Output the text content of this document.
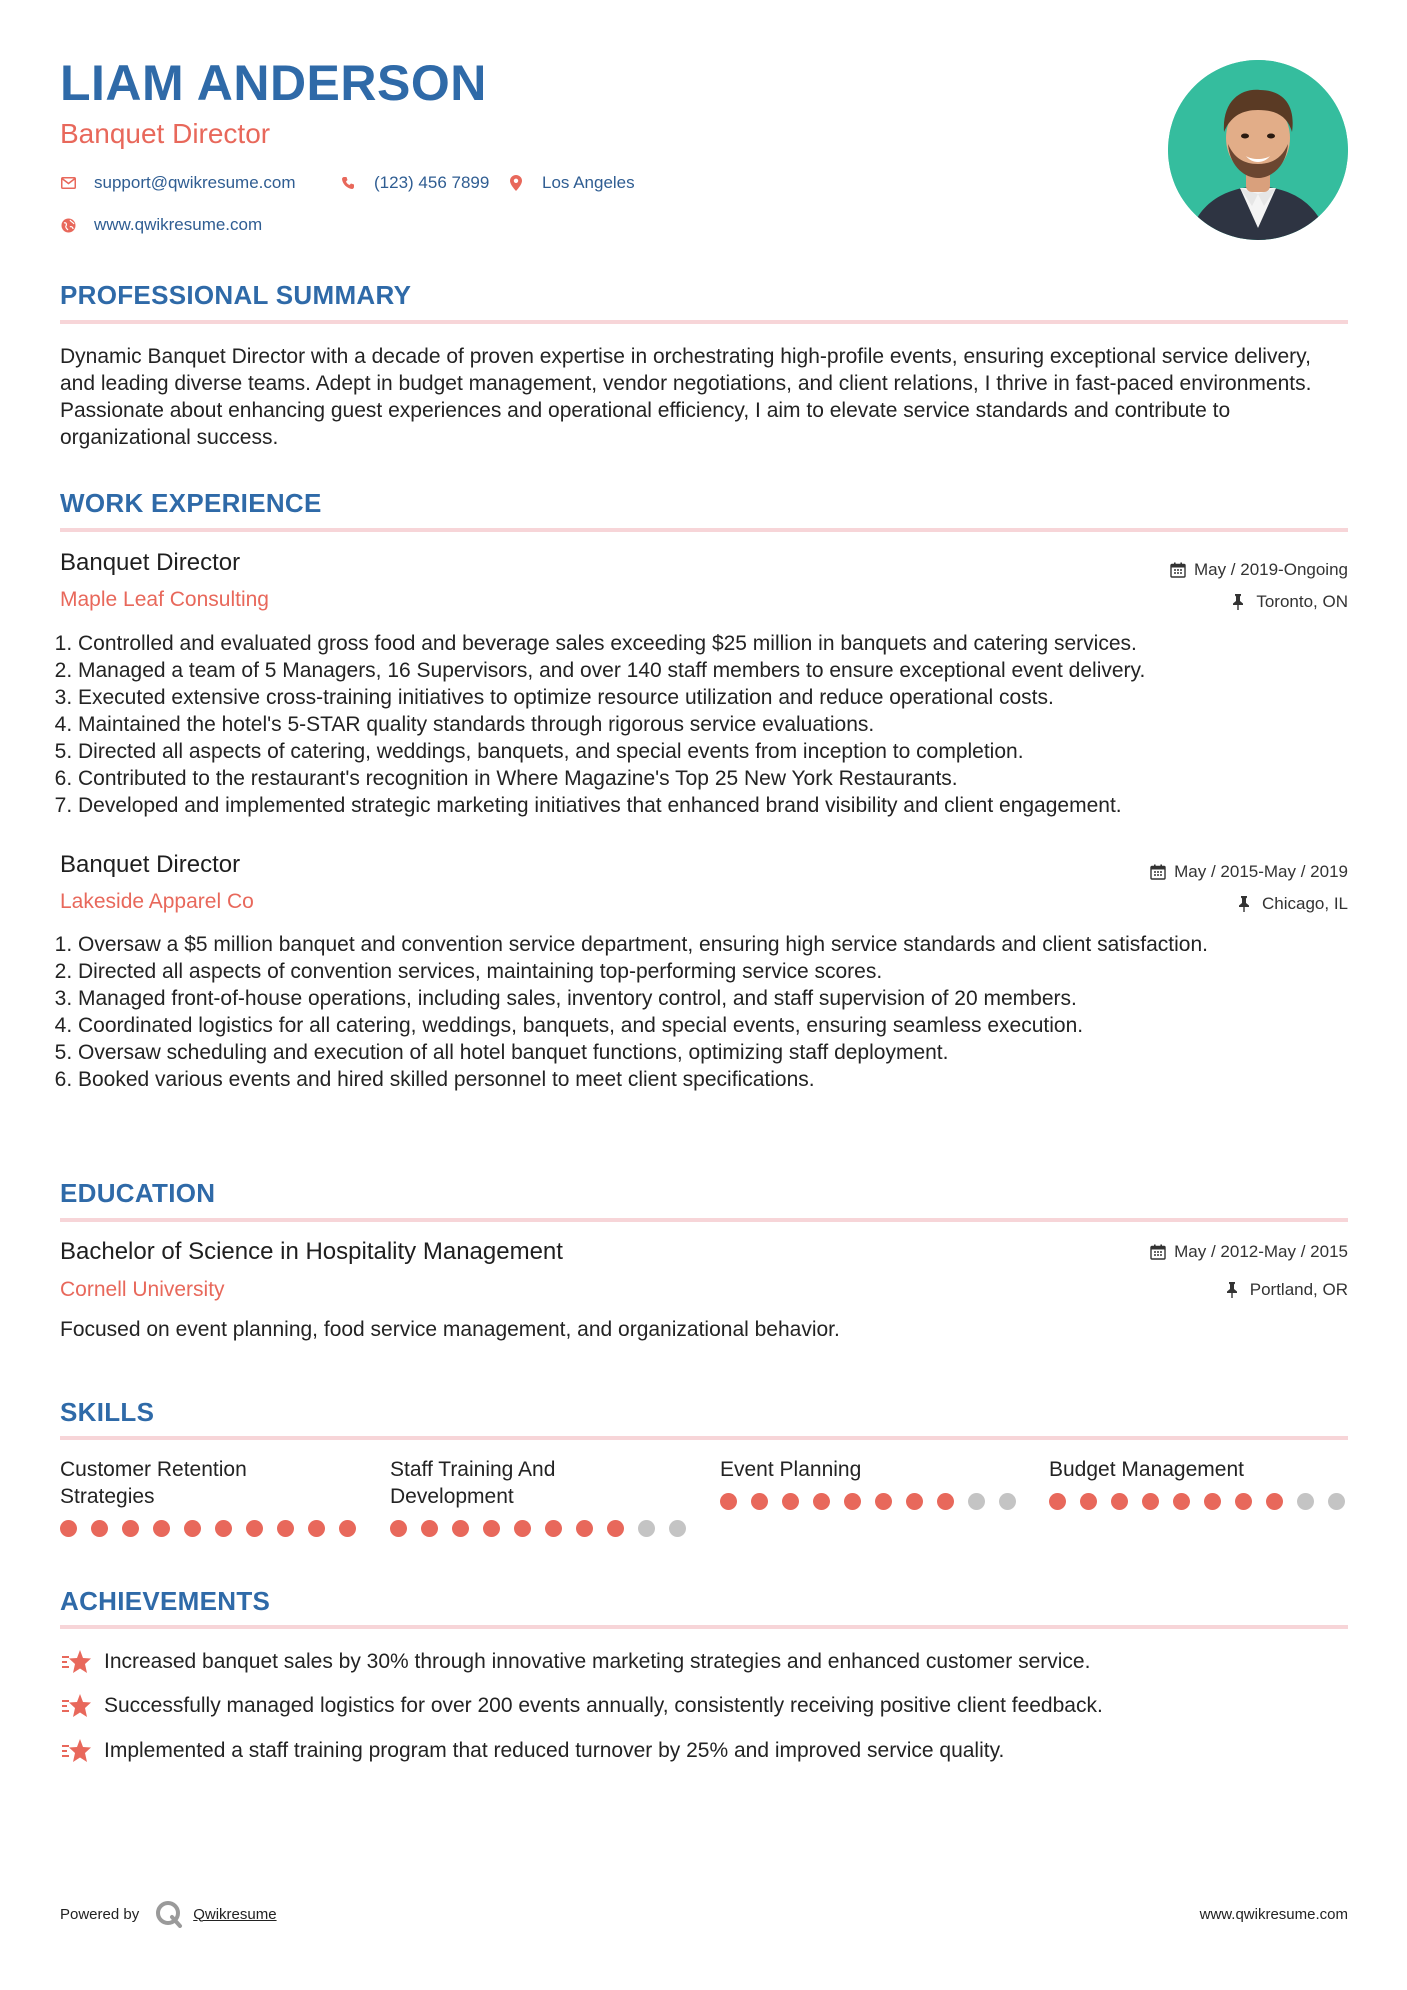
LIAM ANDERSON
Banquet Director
support@qwikresume.com	(123) 456 7899	Los Angeles
www.qwikresume.com
PROFESSIONAL SUMMARY

Dynamic Banquet Director with a decade of proven expertise in orchestrating high-profile events, ensuring exceptional service delivery, and leading diverse teams. Adept in budget management, vendor negotiations, and client relations, I thrive in fast-paced environments. Passionate about enhancing guest experiences and operational efficiency, I aim to elevate service standards and contribute to organizational success.

WORK EXPERIENCE
Banquet Director
Maple Leaf Consulting
May / 2019-Ongoing
Toronto, ON
1. Controlled and evaluated gross food and beverage sales exceeding $25 million in banquets and catering services.
2. Managed a team of 5 Managers, 16 Supervisors, and over 140 staff members to ensure exceptional event delivery.
3. Executed extensive cross-training initiatives to optimize resource utilization and reduce operational costs.
4. Maintained the hotel's 5-STAR quality standards through rigorous service evaluations.
5. Directed all aspects of catering, weddings, banquets, and special events from inception to completion.
6. Contributed to the restaurant's recognition in Where Magazine's Top 25 New York Restaurants.
7. Developed and implemented strategic marketing initiatives that enhanced brand visibility and client engagement.
Banquet Director
Lakeside Apparel Co
May / 2015-May / 2019
Chicago, IL
1. Oversaw a $5 million banquet and convention service department, ensuring high service standards and client satisfaction.
2. Directed all aspects of convention services, maintaining top-performing service scores.
3. Managed front-of-house operations, including sales, inventory control, and staff supervision of 20 members.
4. Coordinated logistics for all catering, weddings, banquets, and special events, ensuring seamless execution.
5. Oversaw scheduling and execution of all hotel banquet functions, optimizing staff deployment.
6. Booked various events and hired skilled personnel to meet client specifications.
EDUCATION
Bachelor of Science in Hospitality Management
Cornell University
May / 2012-May / 2015
Portland, OR

Focused on event planning, food service management, and organizational behavior.

SKILLS
Customer Retention Strategies
Staff Training And Development
Event Planning	Budget Management
ACHIEVEMENTS
Increased banquet sales by 30% through innovative marketing strategies and enhanced customer service.
Successfully managed logistics for over 200 events annually, consistently receiving positive client feedback.
Implemented a staff training program that reduced turnover by 25% and improved service quality.
Powered by	Qwikresume	www.qwikresume.com
